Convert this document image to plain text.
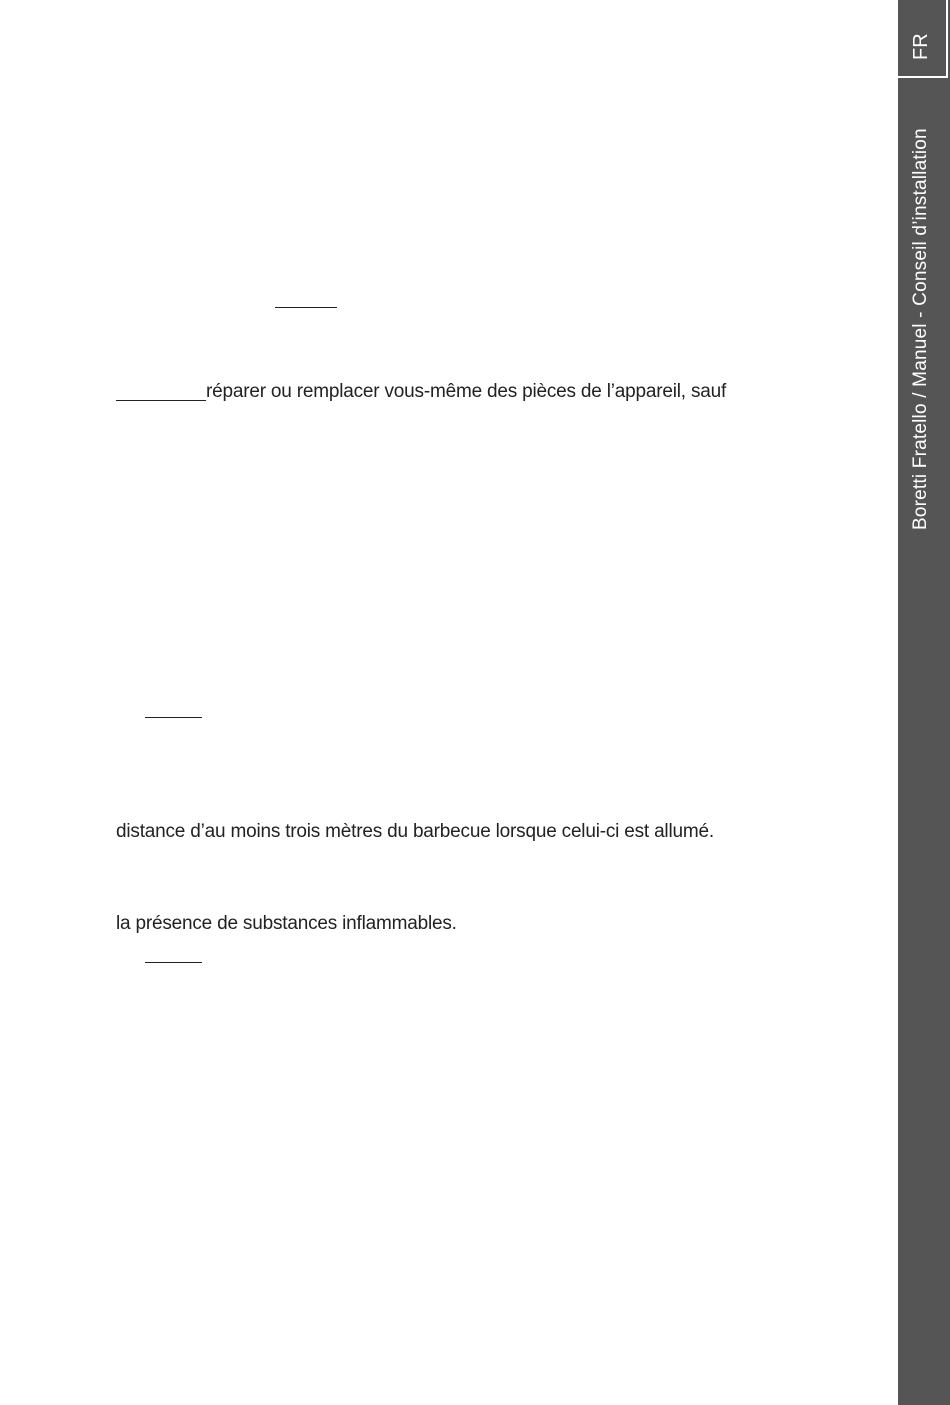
réparer ou remplacer vous-même des pièces de l’appareil, sauf
distance d’au moins trois mètres du barbecue lorsque celui-ci est allumé.
la présence de substances inflammables.
FR
Boretti Fratello / Manuel - Conseil d’installation
